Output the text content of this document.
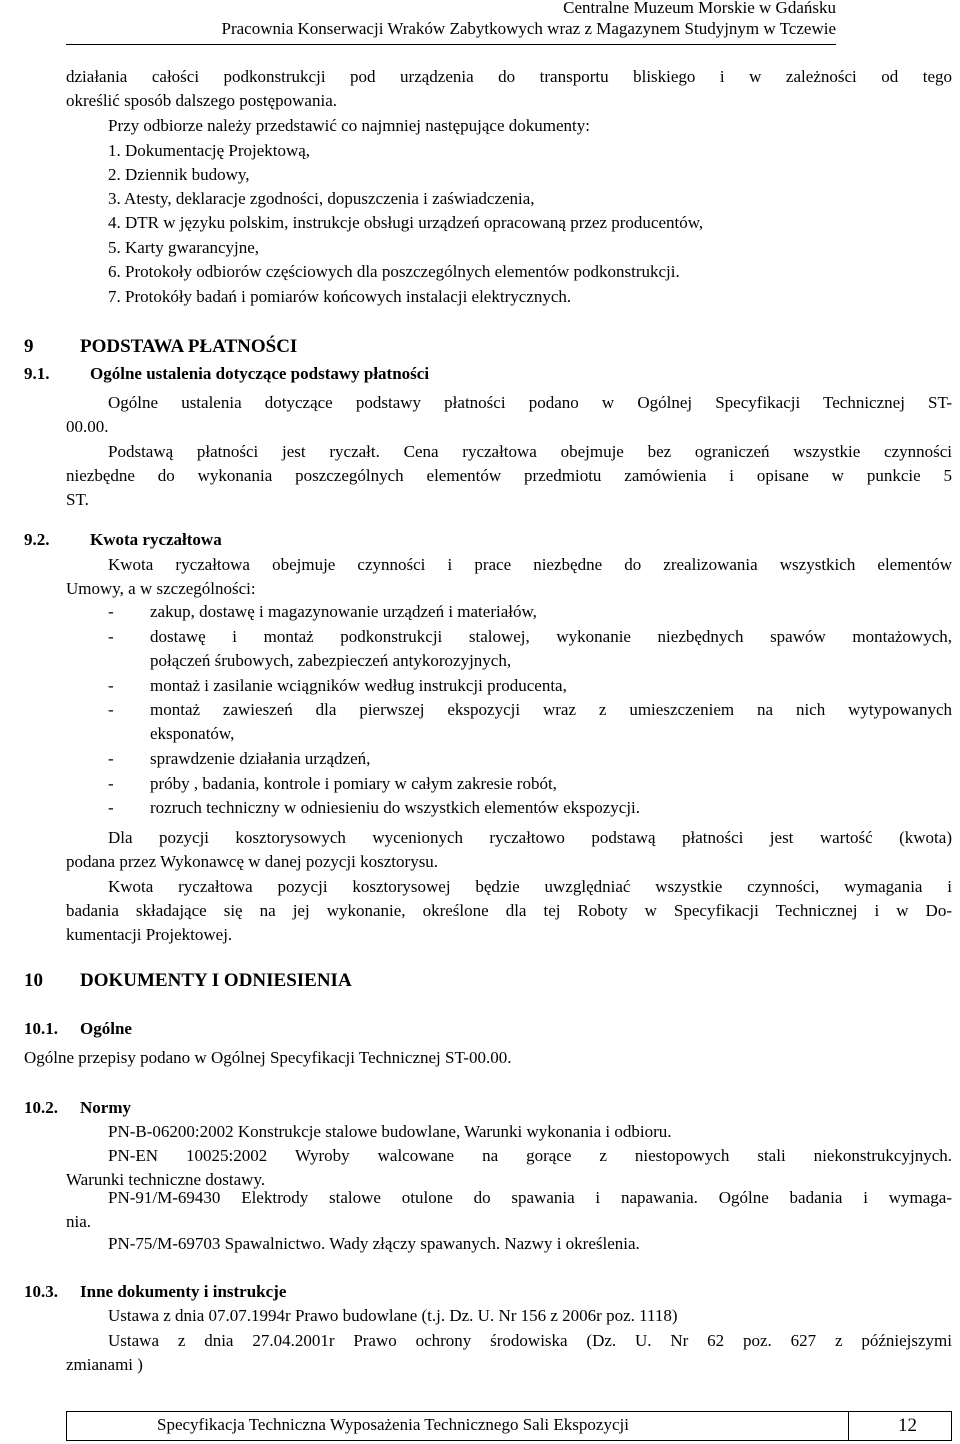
Centralne Muzeum Morskie w Gdańsku
Pracownia Konserwacji Wraków Zabytkowych wraz z Magazynem Studyjnym w Tczewie
działania całości podkonstrukcji pod urządzenia do transportu bliskiego i w zależności od tego
określić sposób dalszego postępowania.
Przy odbiorze należy przedstawić co najmniej następujące dokumenty:
1. Dokumentację Projektową,
2. Dziennik budowy,
3. Atesty, deklaracje zgodności, dopuszczenia i zaświadczenia,
4. DTR w języku polskim, instrukcje obsługi urządzeń opracowaną przez producentów,
5. Karty gwarancyjne,
6. Protokoły odbiorów częściowych dla poszczególnych elementów podkonstrukcji.
7. Protokóły badań i pomiarów końcowych instalacji elektrycznych.
9 PODSTAWA PŁATNOŚCI
9.1. Ogólne ustalenia dotyczące podstawy płatności
Ogólne ustalenia dotyczące podstawy płatności podano w Ogólnej Specyfikacji Technicznej ST-
00.00.
Podstawą płatności jest ryczałt. Cena ryczałtowa obejmuje bez ograniczeń wszystkie czynności
niezbędne do wykonania poszczególnych elementów przedmiotu zamówienia i opisane w punkcie 5
ST.
9.2. Kwota ryczałtowa
Kwota ryczałtowa obejmuje czynności i prace niezbędne do zrealizowania wszystkich elementów
Umowy, a w szczególności:
- zakup, dostawę i magazynowanie urządzeń i materiałów,
- dostawę i montaż podkonstrukcji stalowej, wykonanie niezbędnych spawów montażowych,
połączeń śrubowych, zabezpieczeń antykorozyjnych,
- montaż i zasilanie wciągników według instrukcji producenta,
- montaż zawieszeń dla pierwszej ekspozycji wraz z umieszczeniem na nich wytypowanych
eksponatów,
- sprawdzenie działania urządzeń,
- próby , badania, kontrole i pomiary w całym zakresie robót,
- rozruch techniczny w odniesieniu do wszystkich elementów ekspozycji.
Dla pozycji kosztorysowych wycenionych ryczałtowo podstawą płatności jest wartość (kwota)
podana przez Wykonawcę w danej pozycji kosztorysu.
Kwota ryczałtowa pozycji kosztorysowej będzie uwzględniać wszystkie czynności, wymagania i
badania składające się na jej wykonanie, określone dla tej Roboty w Specyfikacji Technicznej i w Do-
kumentacji Projektowej.
10 DOKUMENTY I ODNIESIENIA
10.1. Ogólne
Ogólne przepisy podano w Ogólnej Specyfikacji Technicznej ST-00.00.
10.2. Normy
PN-B-06200:2002 Konstrukcje stalowe budowlane, Warunki wykonania i odbioru.
PN-EN 10025:2002 Wyroby walcowane na gorące z niestopowych stali niekonstrukcyjnych.
Warunki techniczne dostawy.
PN-91/M-69430 Elektrody stalowe otulone do spawania i napawania. Ogólne badania i wymaga-
nia.
PN-75/M-69703 Spawalnictwo. Wady złączy spawanych. Nazwy i określenia.
10.3. Inne dokumenty i instrukcje
Ustawa z dnia 07.07.1994r Prawo budowlane (t.j. Dz. U. Nr 156 z 2006r poz. 1118)
Ustawa z dnia 27.04.2001r Prawo ochrony środowiska (Dz. U. Nr 62 poz. 627 z późniejszymi
zmianami )
Specyfikacja Techniczna Wyposażenia Technicznego Sali Ekspozycji	12
